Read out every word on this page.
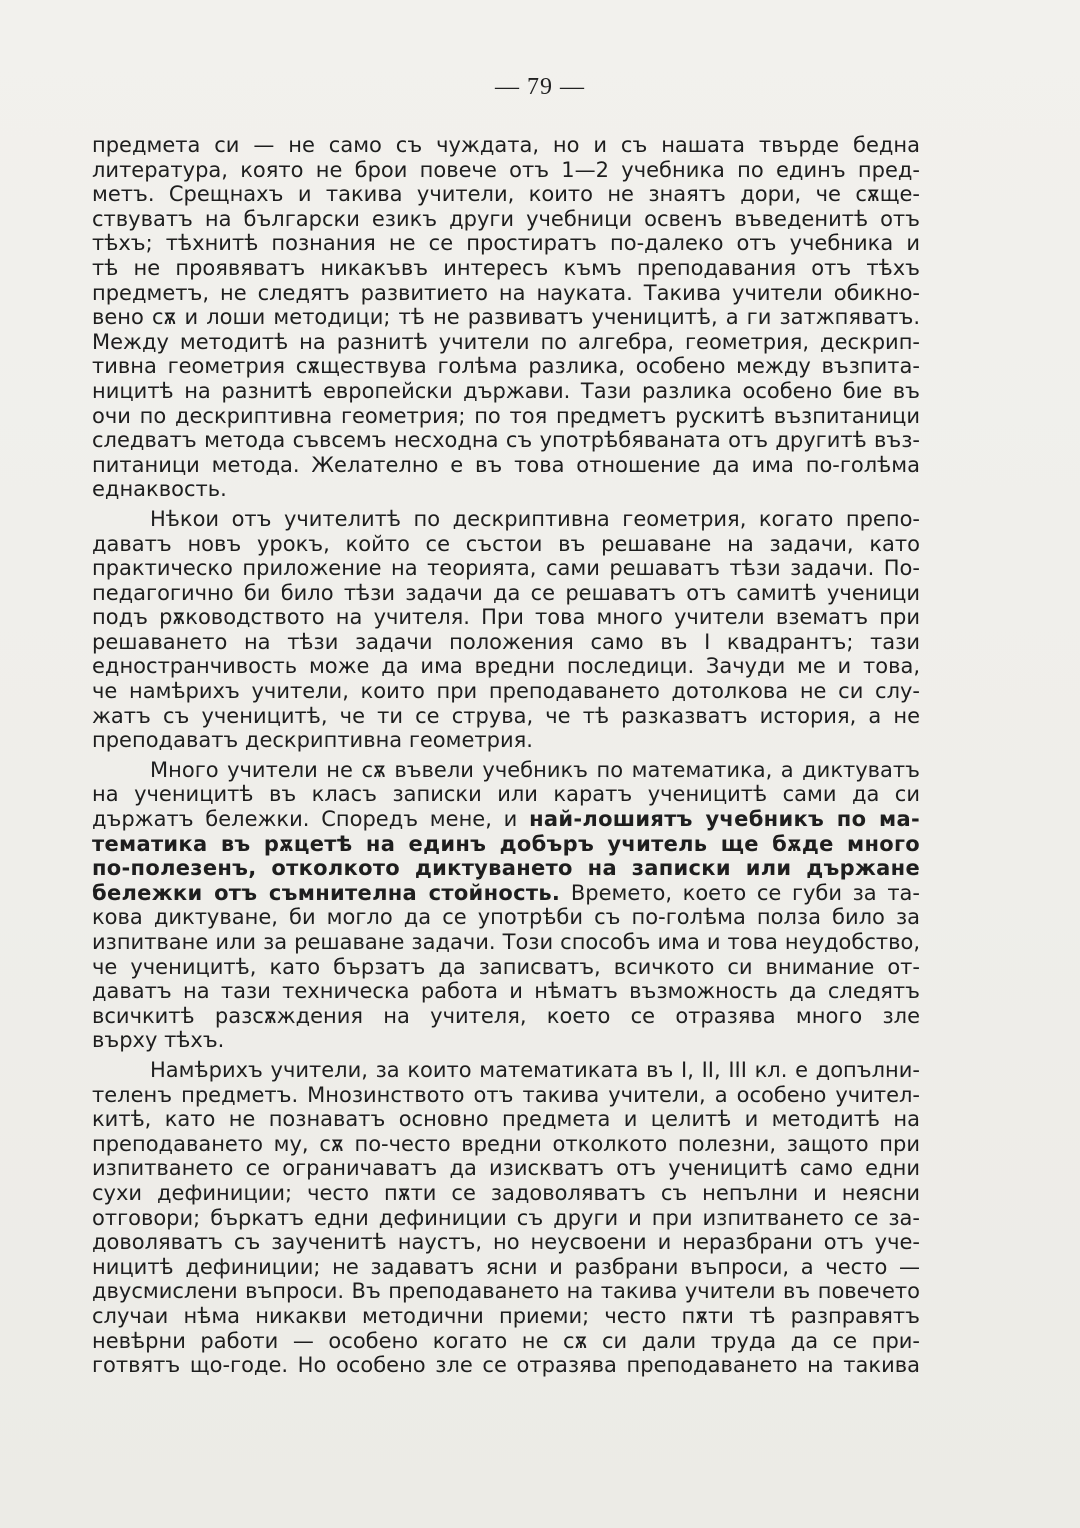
— 79 —
предмета си — не само съ чуждата, но и съ нашата твърде бедна
литература, която не брои повече отъ 1—2 учебника по единъ пред-
метъ. Срещнахъ и такива учители, които не знаятъ дори, че сѫще-
ствуватъ на български езикъ други учебници освенъ въведенитѣ отъ
тѣхъ; тѣхнитѣ познания не се простиратъ по-далеко отъ учебника и
тѣ не проявяватъ никакъвъ интересъ къмъ преподавания отъ тѣхъ
предметъ, не следятъ развитието на науката. Такива учители обикно-
вено сѫ и лоши методици; тѣ не развиватъ ученицитѣ, а ги затжпяватъ.
Между методитѣ на разнитѣ учители по алгебра, геометрия, дескрип-
тивна геометрия сѫществува голѣма разлика, особено между възпита-
ницитѣ на разнитѣ европейски държави. Тази разлика особено бие въ
очи по дескриптивна геометрия; по тоя предметъ рускитѣ възпитаници
следватъ метода съвсемъ несходна съ употрѣбяваната отъ другитѣ въз-
питаници метода. Желателно е въ това отношение да има по-голѣма
еднаквость.
Нѣкои отъ учителитѣ по дескриптивна геометрия, когато препо-
даватъ новъ урокъ, който се състои въ решаване на задачи, като
практическо приложение на теорията, сами решаватъ тѣзи задачи. По-
педагогично би било тѣзи задачи да се решаватъ отъ самитѣ ученици
подъ рѫководството на учителя. При това много учители взематъ при
решаването на тѣзи задачи положения само въ I квадрантъ; тази
едностранчивость може да има вредни последици. Зачуди ме и това,
че намѣрихъ учители, които при преподаването дотолкова не си слу-
жатъ съ ученицитѣ, че ти се струва, че тѣ разказватъ история, а не
преподаватъ дескриптивна геометрия.
Много учители не сѫ въвели учебникъ по математика, а диктуватъ
на ученицитѣ въ класъ записки или каратъ ученицитѣ сами да си
държатъ бележки. Споредъ мене, и най-лошиятъ учебникъ по ма-
тематика въ рѫцетѣ на единъ добъръ учитель ще бѫде много
по-полезенъ, отколкото диктуването на записки или държане
бележки отъ съмнителна стойность. Времето, което се губи за та-
кова диктуване, би могло да се употрѣби съ по-голѣма полза било за
изпитване или за решаване задачи. Този способъ има и това неудобство,
че ученицитѣ, като бързатъ да записватъ, всичкото си внимание от-
даватъ на тази техническа работа и нѣматъ възможность да следятъ
всичкитѣ разсѫждения на учителя, което се отразява много зле
върху тѣхъ.
Намѣрихъ учители, за които математиката въ I, II, III кл. е допълни-
теленъ предметъ. Мнозинството отъ такива учители, а особено учител-
китѣ, като не познаватъ основно предмета и целитѣ и методитѣ на
преподаването му, сѫ по-често вредни отколкото полезни, защото при
изпитването се ограничаватъ да изискватъ отъ ученицитѣ само едни
сухи дефиниции; често пѫти се задоволяватъ съ непълни и неясни
отговори; бъркатъ едни дефиниции съ други и при изпитването се за-
доволяватъ съ заученитѣ наустъ, но неусвоени и неразбрани отъ уче-
ницитѣ дефиниции; не задаватъ ясни и разбрани въпроси, а често —
двусмислени въпроси. Въ преподаването на такива учители въ повечето
случаи нѣма никакви методични приеми; често пѫти тѣ разправятъ
невѣрни работи — особено когато не сѫ си дали труда да се при-
готвятъ що-годе. Но особено зле се отразява преподаването на такива
